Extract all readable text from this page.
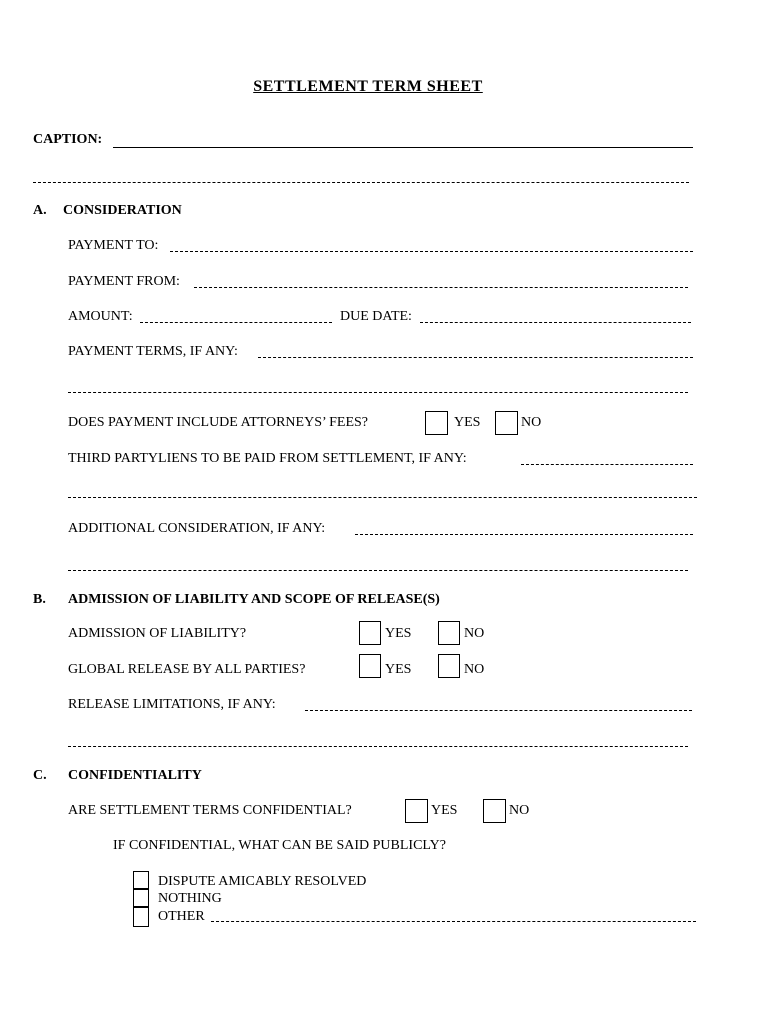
SETTLEMENT TERM SHEET
CAPTION:
A. CONSIDERATION
PAYMENT TO:
PAYMENT FROM:
AMOUNT:	DUE DATE:
PAYMENT TERMS, IF ANY:
DOES PAYMENT INCLUDE ATTORNEYS’ FEES?	YES	NO
THIRD PARTYLIENS TO BE PAID FROM SETTLEMENT, IF ANY:
ADDITIONAL CONSIDERATION, IF ANY:
B. ADMISSION OF LIABILITY AND SCOPE OF RELEASE(S)
ADMISSION OF LIABILITY?	YES	NO
GLOBAL RELEASE BY ALL PARTIES?	YES	NO
RELEASE LIMITATIONS, IF ANY:
C. CONFIDENTIALITY
ARE SETTLEMENT TERMS CONFIDENTIAL?	YES	NO
IF CONFIDENTIAL, WHAT CAN BE SAID PUBLICLY?
DISPUTE AMICABLY RESOLVED
NOTHING
OTHER
